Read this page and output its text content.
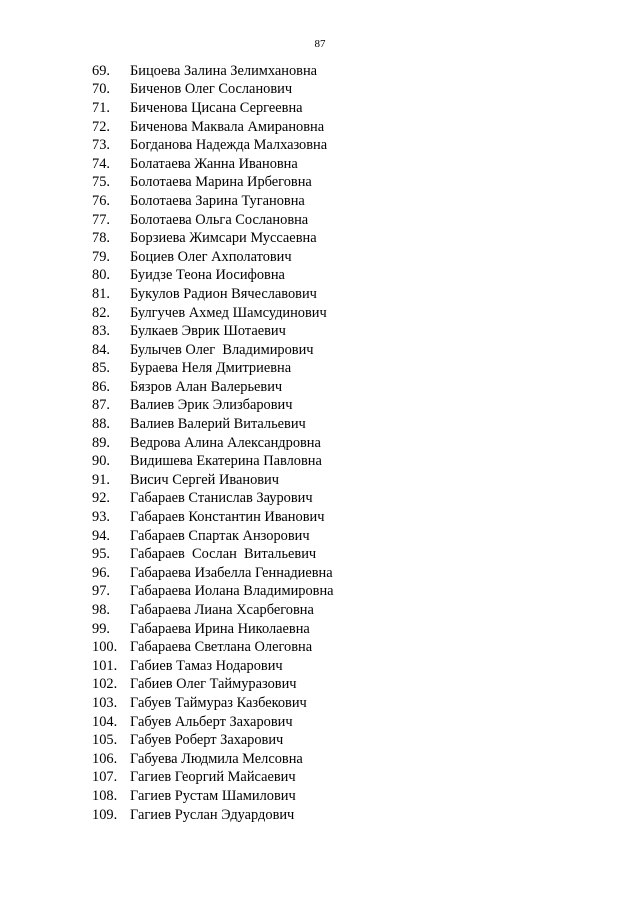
87
69.	Бицоева Залина Зелимхановна
70.	Биченов Олег Сосланович
71.	Биченова Цисана Сергеевна
72.	Биченова Маквала Амирановна
73.	Богданова Надежда Малхазовна
74.	Болатаева Жанна Ивановна
75.	Болотаева Марина Ирбеговна
76.	Болотаева Зарина Тугановна
77.	Болотаева Ольга Сослановна
78.	Борзиева Жимсари Муссаевна
79.	Боциев Олег Ахполатович
80.	Буидзе Теона Иосифовна
81.	Букулов Радион Вячеславович
82.	Булгучев Ахмед Шамсудинович
83.	Булкаев Эврик Шотаевич
84.	Булычев Олег  Владимирович
85.	Бураева Неля Дмитриевна
86.	Бязров Алан Валерьевич
87.	Валиев Эрик Элизбарович
88.	Валиев Валерий Витальевич
89.	Ведрова Алина Александровна
90.	Видишева Екатерина Павловна
91.	Висич Сергей Иванович
92.	Габараев Станислав Заурович
93.	Габараев Константин Иванович
94.	Габараев Спартак Анзорович
95.	Габараев  Сослан  Витальевич
96.	Габараева Изабелла Геннадиевна
97.	Габараева Иолана Владимировна
98.	Габараева Лиана Хсарбеговна
99.	Габараева Ирина Николаевна
100. Габараева Светлана Олеговна
101. Габиев Тамаз Нодарович
102. Габиев Олег Таймуразович
103. Габуев Таймураз Казбекович
104. Габуев Альберт Захарович
105. Габуев Роберт Захарович
106. Габуева Людмила Мелсовна
107. Гагиев Георгий Майсаевич
108. Гагиев Рустам Шамилович
109. Гагиев Руслан Эдуардович
